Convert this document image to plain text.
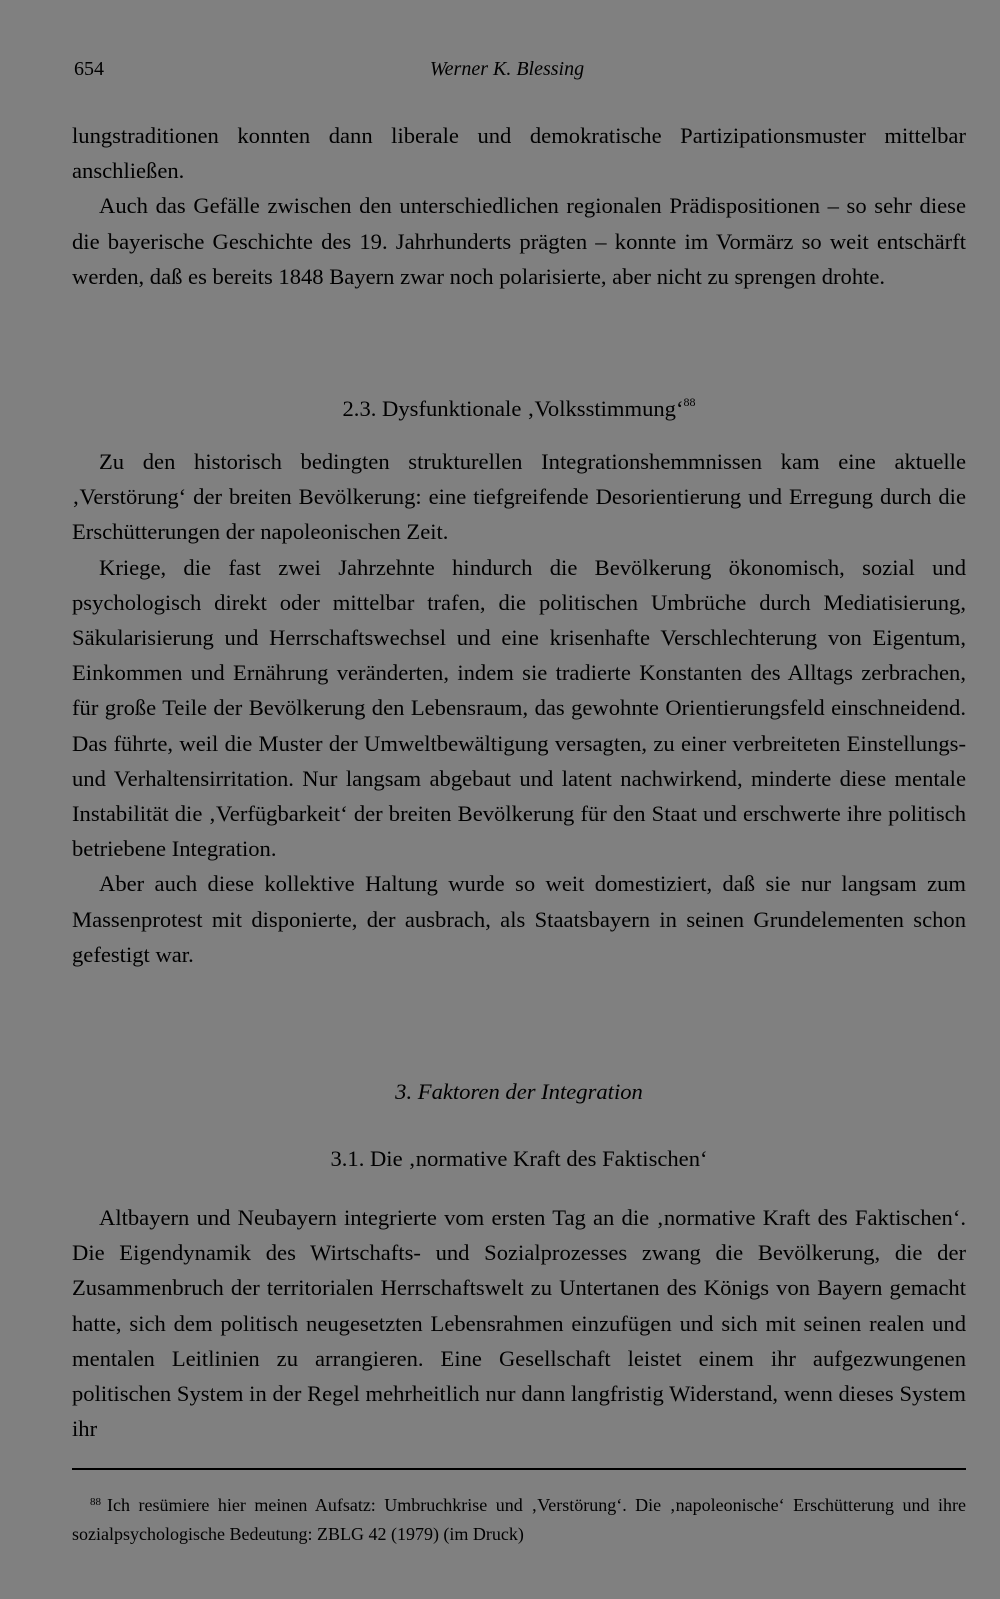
654	Werner K. Blessing

lungstraditionen konnten dann liberale und demokratische Partizipationsmuster mittelbar anschließen.

Auch das Gefälle zwischen den unterschiedlichen regionalen Prädispositionen – so sehr diese die bayerische Geschichte des 19. Jahrhunderts prägten – konnte im Vormärz so weit entschärft werden, daß es bereits 1848 Bayern zwar noch polarisierte, aber nicht zu sprengen drohte.

2.3. Dysfunktionale ‚Volksstimmung‘$^{88}$

Zu den historisch bedingten strukturellen Integrationshemmnissen kam eine aktuelle ‚Verstörung‘ der breiten Bevölkerung: eine tiefgreifende Desorientierung und Erregung durch die Erschütterungen der napoleonischen Zeit.

Kriege, die fast zwei Jahrzehnte hindurch die Bevölkerung ökonomisch, sozial und psychologisch direkt oder mittelbar trafen, die politischen Umbrüche durch Mediatisierung, Säkularisierung und Herrschaftswechsel und eine krisenhafte Verschlechterung von Eigentum, Einkommen und Ernährung veränderten, indem sie tradierte Konstanten des Alltags zerbrachen, für große Teile der Bevölkerung den Lebensraum, das gewohnte Orientierungsfeld einschneidend. Das führte, weil die Muster der Umweltbewältigung versagten, zu einer verbreiteten Einstellungs- und Verhaltensirritation. Nur langsam abgebaut und latent nachwirkend, minderte diese mentale Instabilität die ‚Verfügbarkeit‘ der breiten Bevölkerung für den Staat und erschwerte ihre politisch betriebene Integration.

Aber auch diese kollektive Haltung wurde so weit domestiziert, daß sie nur langsam zum Massenprotest mit disponierte, der ausbrach, als Staatsbayern in seinen Grundelementen schon gefestigt war.

3. Faktoren der Integration
3.1. Die ‚normative Kraft des Faktischen‘

Altbayern und Neubayern integrierte vom ersten Tag an die ‚normative Kraft des Faktischen‘. Die Eigendynamik des Wirtschafts- und Sozialprozesses zwang die Bevölkerung, die der Zusammenbruch der territorialen Herrschaftswelt zu Untertanen des Königs von Bayern gemacht hatte, sich dem politisch neugesetzten Lebensrahmen einzufügen und sich mit seinen realen und mentalen Leitlinien zu arrangieren. Eine Gesellschaft leistet einem ihr aufgezwungenen politischen System in der Regel mehrheitlich nur dann langfristig Widerstand, wenn dieses System ihr

$^{88}$ Ich resümiere hier meinen Aufsatz: Umbruchkrise und ‚Verstörung‘. Die ‚napoleonische‘ Erschütterung und ihre sozialpsychologische Bedeutung: ZBLG 42 (1979) (im Druck)
